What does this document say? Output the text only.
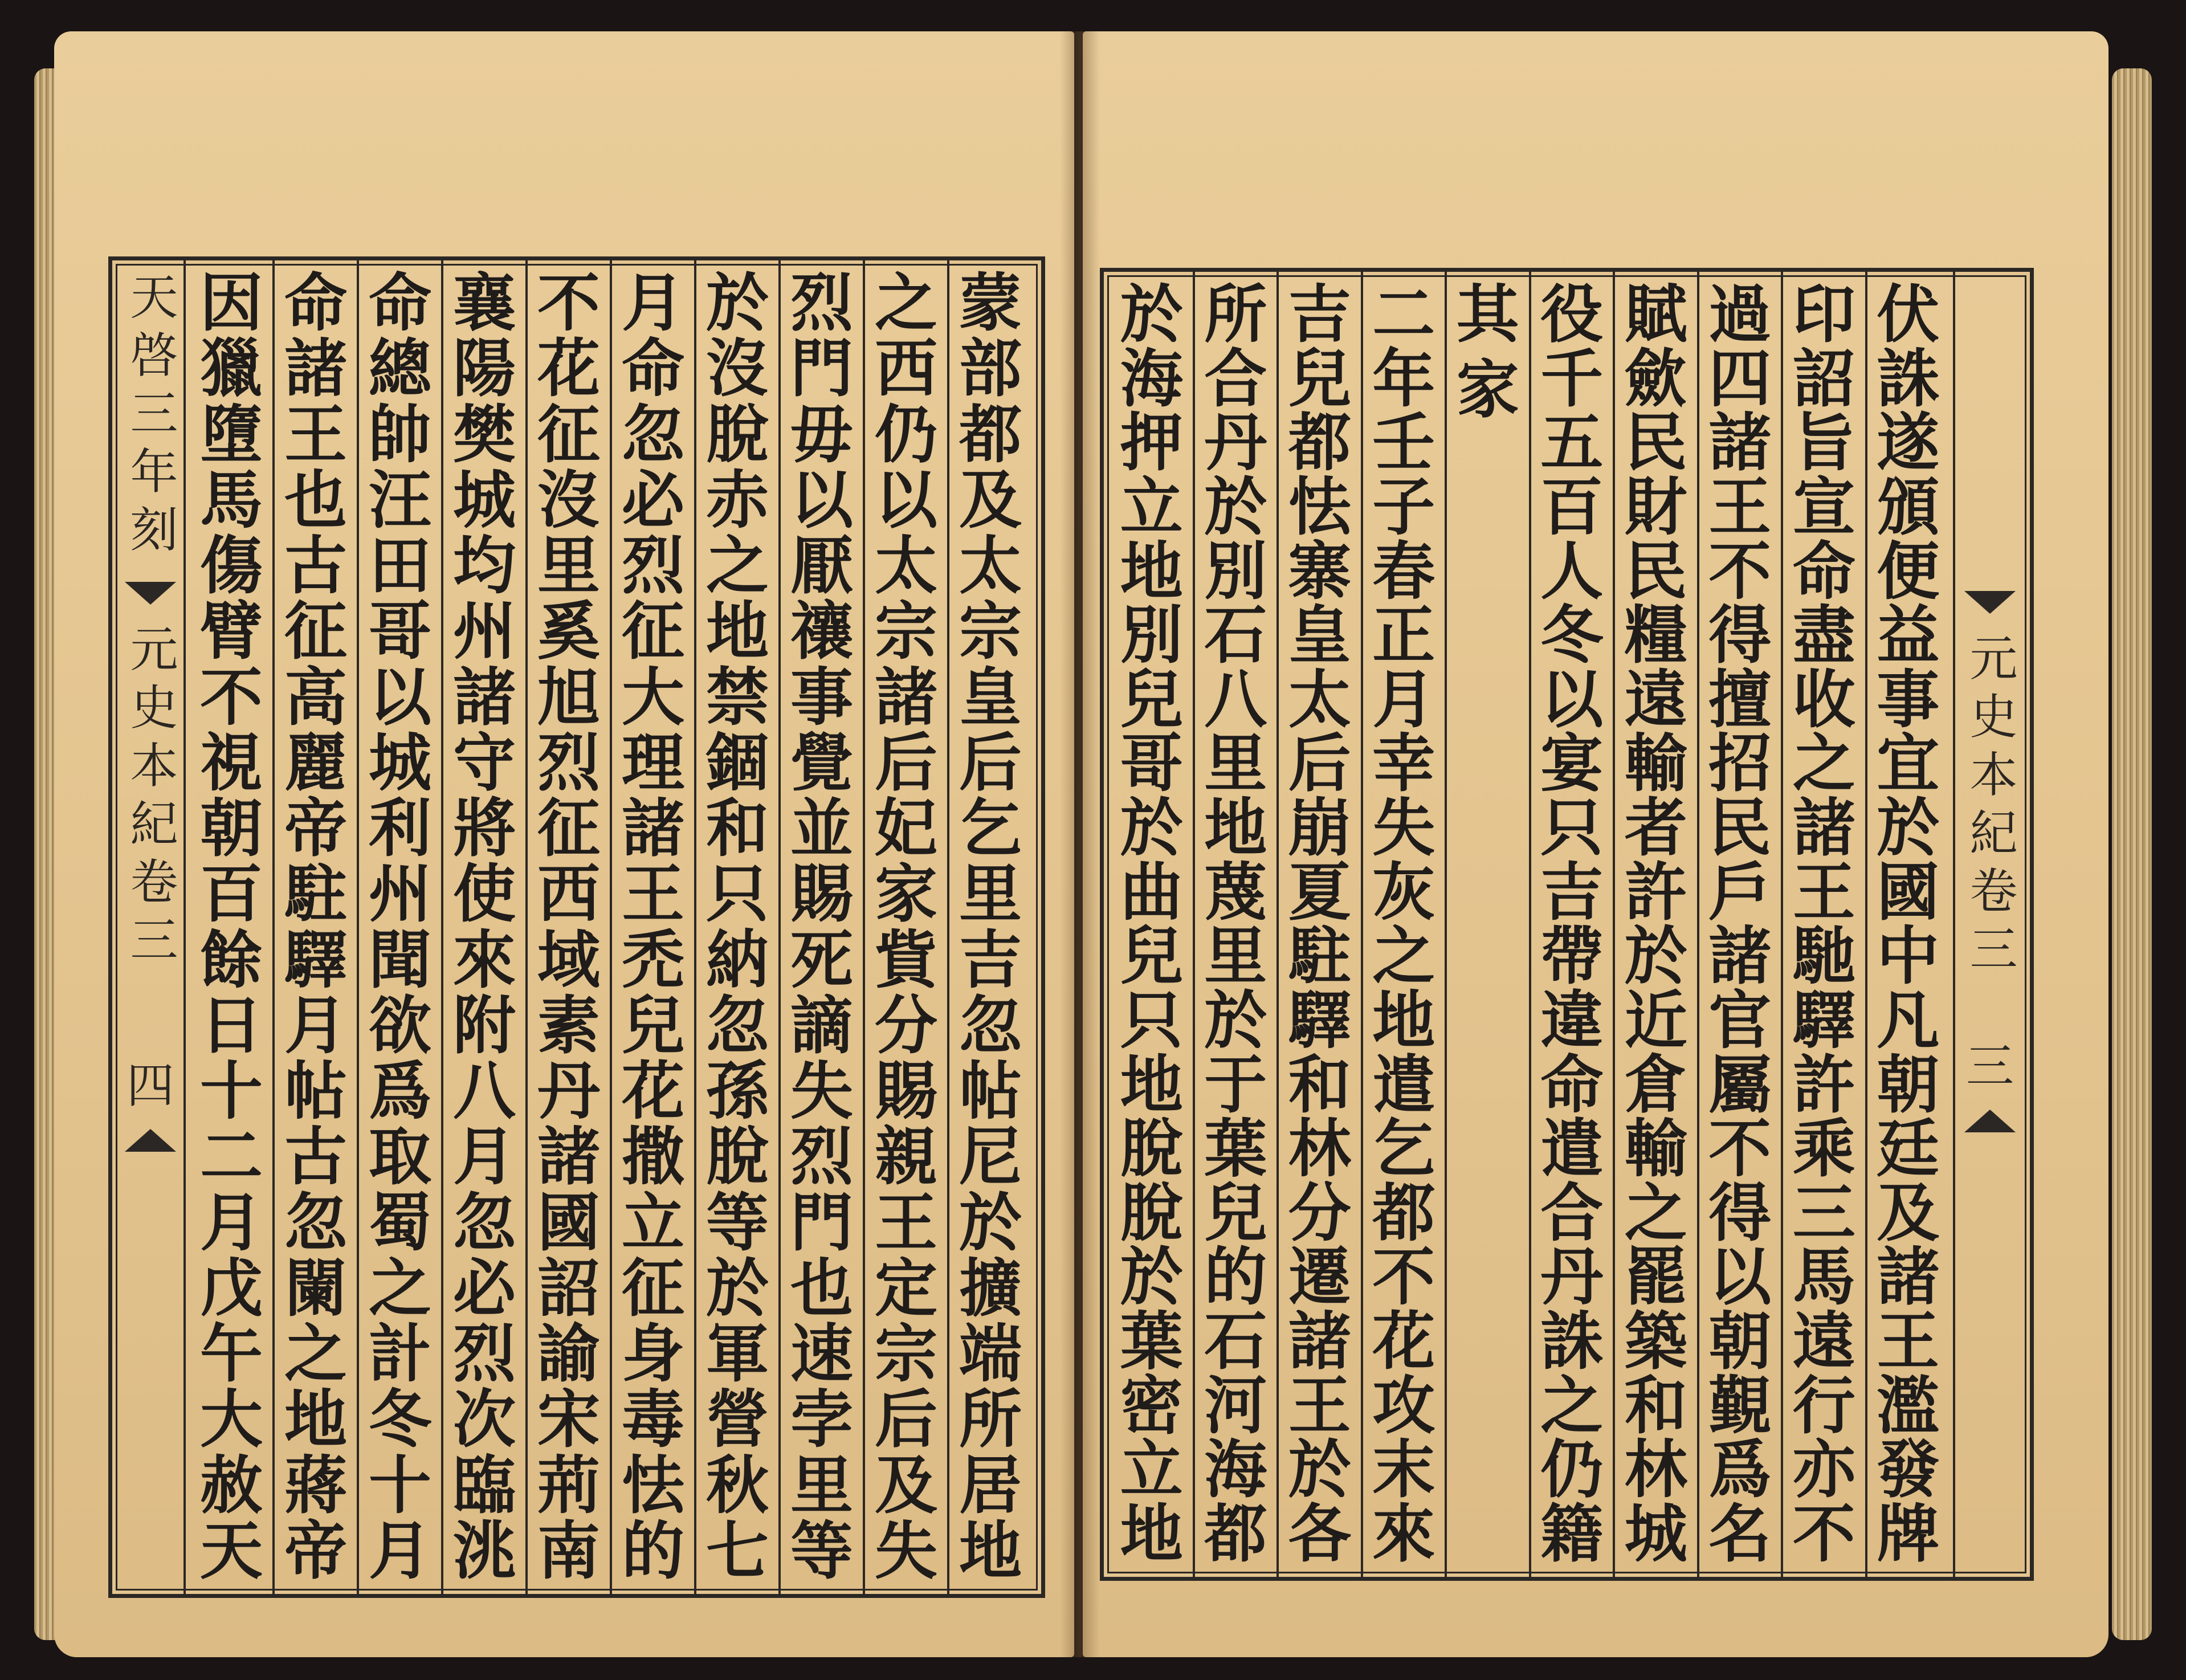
天啓三年刻
元史本紀卷三
四
蒙
部
都
及
太
宗
皇
后
乞
里
吉
忽
帖
尼
於
擴
端
所
居
地
之
西
仍
以
太
宗
諸
后
妃
家
貲
分
賜
親
王
定
宗
后
及
失
烈
門
毋
以
厭
禳
事
覺
並
賜
死
謫
失
烈
門
也
速
孛
里
等
於
沒
脫
赤
之
地
禁
錮
和
只
納
忽
孫
脫
等
於
軍
營
秋
七
月
命
忽
必
烈
征
大
理
諸
王
禿
兒
花
撒
立
征
身
毒
怯
的
不
花
征
沒
里
奚
旭
烈
征
西
域
素
丹
諸
國
詔
諭
宋
荊
南
襄
陽
樊
城
均
州
諸
守
將
使
來
附
八
月
忽
必
烈
次
臨
洮
命
總
帥
汪
田
哥
以
城
利
州
聞
欲
爲
取
蜀
之
計
冬
十
月
命
諸
王
也
古
征
高
麗
帝
駐
驛
月
帖
古
忽
闌
之
地
蔣
帝
因
獵
墮
馬
傷
臂
不
視
朝
百
餘
日
十
二
月
戊
午
大
赦
天
伏
誅
遂
頒
便
益
事
宜
於
國
中
凡
朝
廷
及
諸
王
濫
發
牌
印
詔
旨
宣
命
盡
收
之
諸
王
馳
驛
許
乘
三
馬
遠
行
亦
不
過
四
諸
王
不
得
擅
招
民
戶
諸
官
屬
不
得
以
朝
覲
爲
名
賦
歛
民
財
民
糧
遠
輸
者
許
於
近
倉
輸
之
罷
築
和
林
城
役
千
五
百
人
冬
以
宴
只
吉
帶
違
命
遣
合
丹
誅
之
仍
籍
其
家
二
年
壬
子
春
正
月
幸
失
灰
之
地
遣
乞
都
不
花
攻
末
來
吉
兒
都
怯
寨
皇
太
后
崩
夏
駐
驛
和
林
分
遷
諸
王
於
各
所
合
丹
於
別
石
八
里
地
蔑
里
於
于
葉
兒
的
石
河
海
都
於
海
押
立
地
別
兒
哥
於
曲
兒
只
地
脫
脫
於
葉
密
立
地
元史本紀卷三
三
